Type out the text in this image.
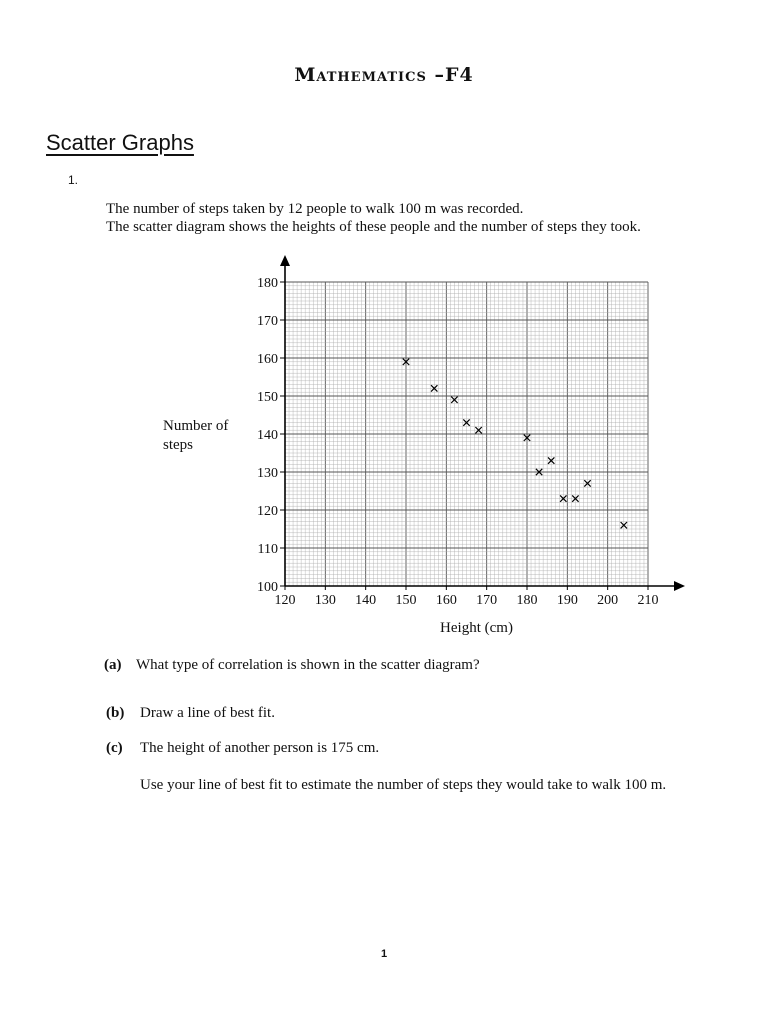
Mathematics –F4
Scatter Graphs
1.
The number of steps taken by 12 people to walk 100 m was recorded.
The scatter diagram shows the heights of these people and the number of steps they took.
120 130 140 150 160 170 180 190 200 210
100
110
120
130
140
150
160
170
180
Height (cm)
Number of
steps
(a) What type of correlation is shown in the scatter diagram?
(b) Draw a line of best fit.
(c) The height of another person is 175 cm.
Use your line of best fit to estimate the number of steps they would take to walk 100 m.
1
